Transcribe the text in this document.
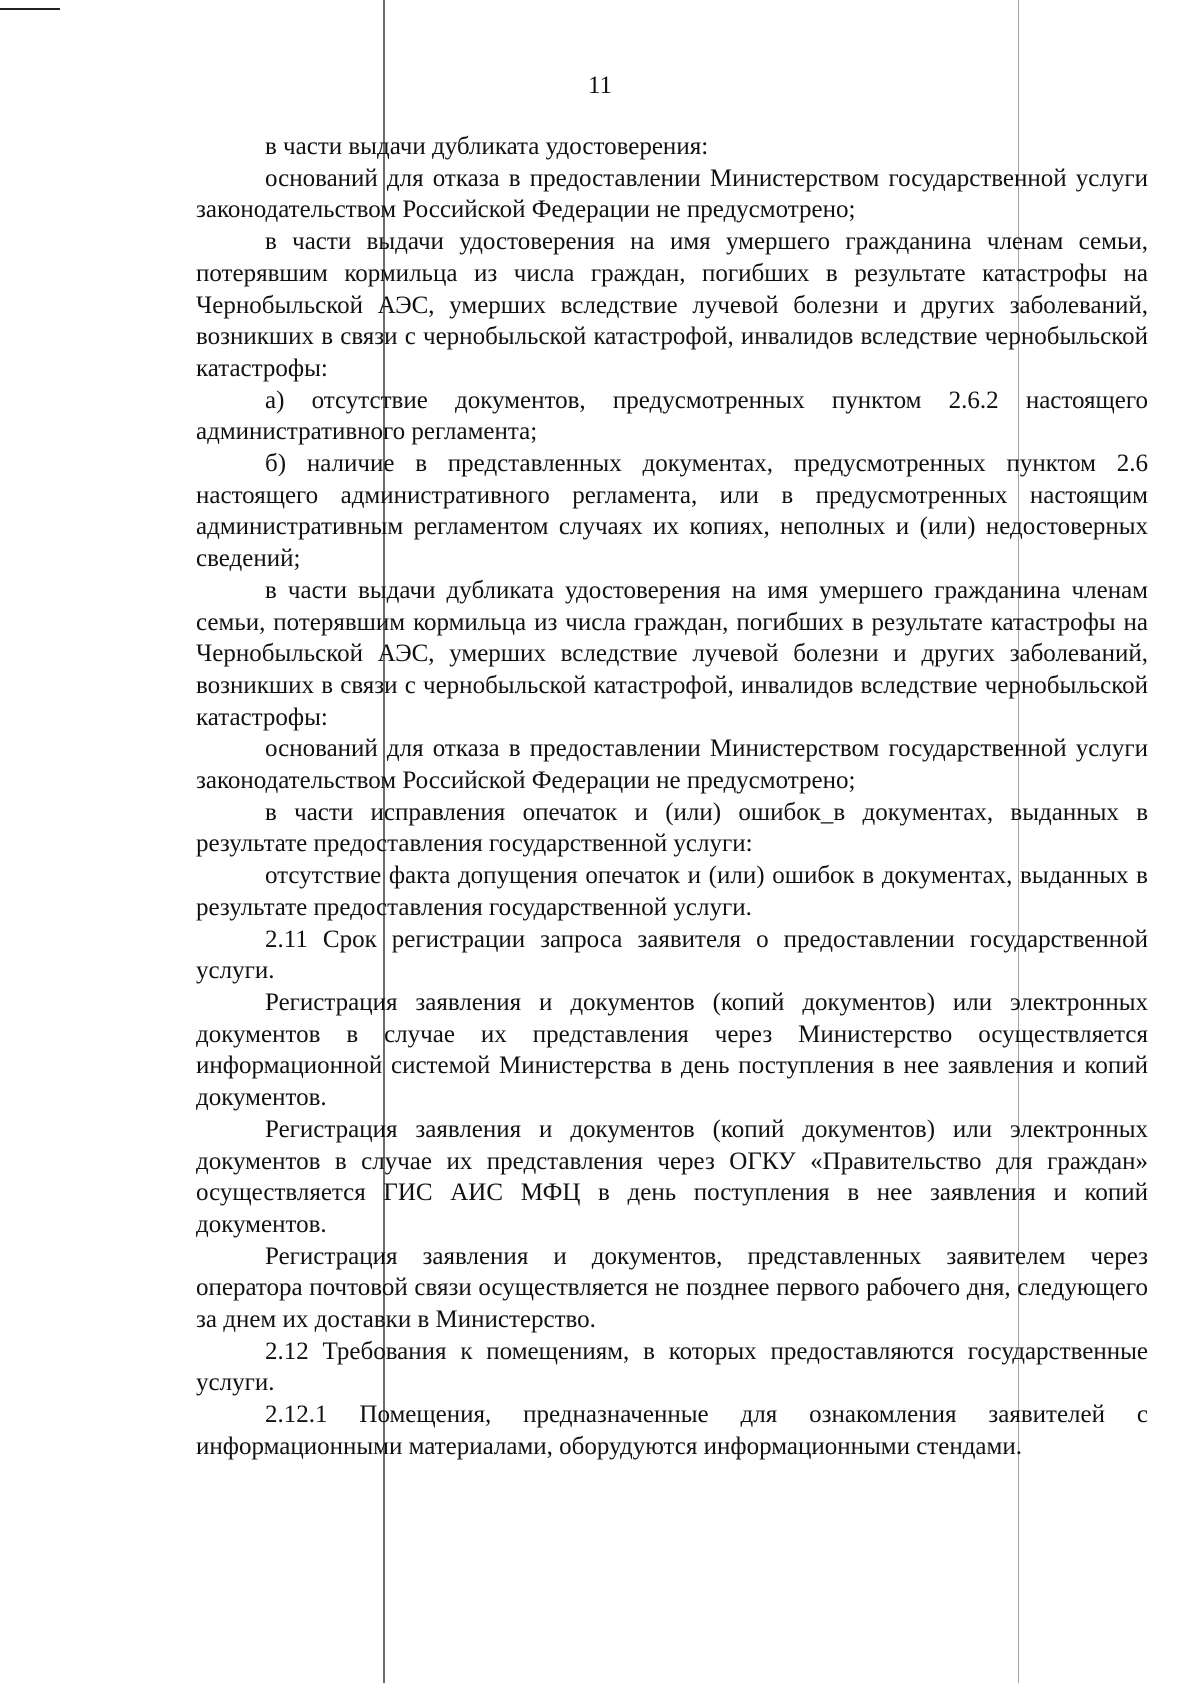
11

в части выдачи дубликата удостоверения:

оснований для отказа в предоставлении Министерством государственной услуги законодательством Российской Федерации не предусмотрено;

в части выдачи удостоверения на имя умершего гражданина членам семьи, потерявшим кормильца из числа граждан, погибших в результате катастрофы на Чернобыльской АЭС, умерших вследствие лучевой болезни и других заболеваний, возникших в связи с чернобыльской катастрофой, инвалидов вследствие чернобыльской катастрофы:

а) отсутствие документов, предусмотренных пунктом 2.6.2 настоящего административного регламента;

б) наличие в представленных документах, предусмотренных пунктом 2.6 настоящего административного регламента, или в предусмотренных настоящим административным регламентом случаях их копиях, неполных и (или) недостоверных сведений;

в части выдачи дубликата удостоверения на имя умершего гражданина членам семьи, потерявшим кормильца из числа граждан, погибших в результате катастрофы на Чернобыльской АЭС, умерших вследствие лучевой болезни и других заболеваний, возникших в связи с чернобыльской катастрофой, инвалидов вследствие чернобыльской катастрофы:

оснований для отказа в предоставлении Министерством государственной услуги законодательством Российской Федерации не предусмотрено;

в части исправления опечаток и (или) ошибок_в документах, выданных в результате предоставления государственной услуги:

отсутствие факта допущения опечаток и (или) ошибок в документах, выданных в результате предоставления государственной услуги.

2.11 Срок регистрации запроса заявителя о предоставлении государственной услуги.

Регистрация заявления и документов (копий документов) или электронных документов в случае их представления через Министерство осуществляется информационной системой Министерства в день поступления в нее заявления и копий документов.

Регистрация заявления и документов (копий документов) или электронных документов в случае их представления через ОГКУ «Правительство для граждан» осуществляется ГИС АИС МФЦ в день поступления в нее заявления и копий документов.

Регистрация заявления и документов, представленных заявителем через оператора почтовой связи осуществляется не позднее первого рабочего дня, следующего за днем их доставки в Министерство.

2.12 Требования к помещениям, в которых предоставляются государственные услуги.

2.12.1 Помещения, предназначенные для ознакомления заявителей с информационными материалами, оборудуются информационными стендами.
